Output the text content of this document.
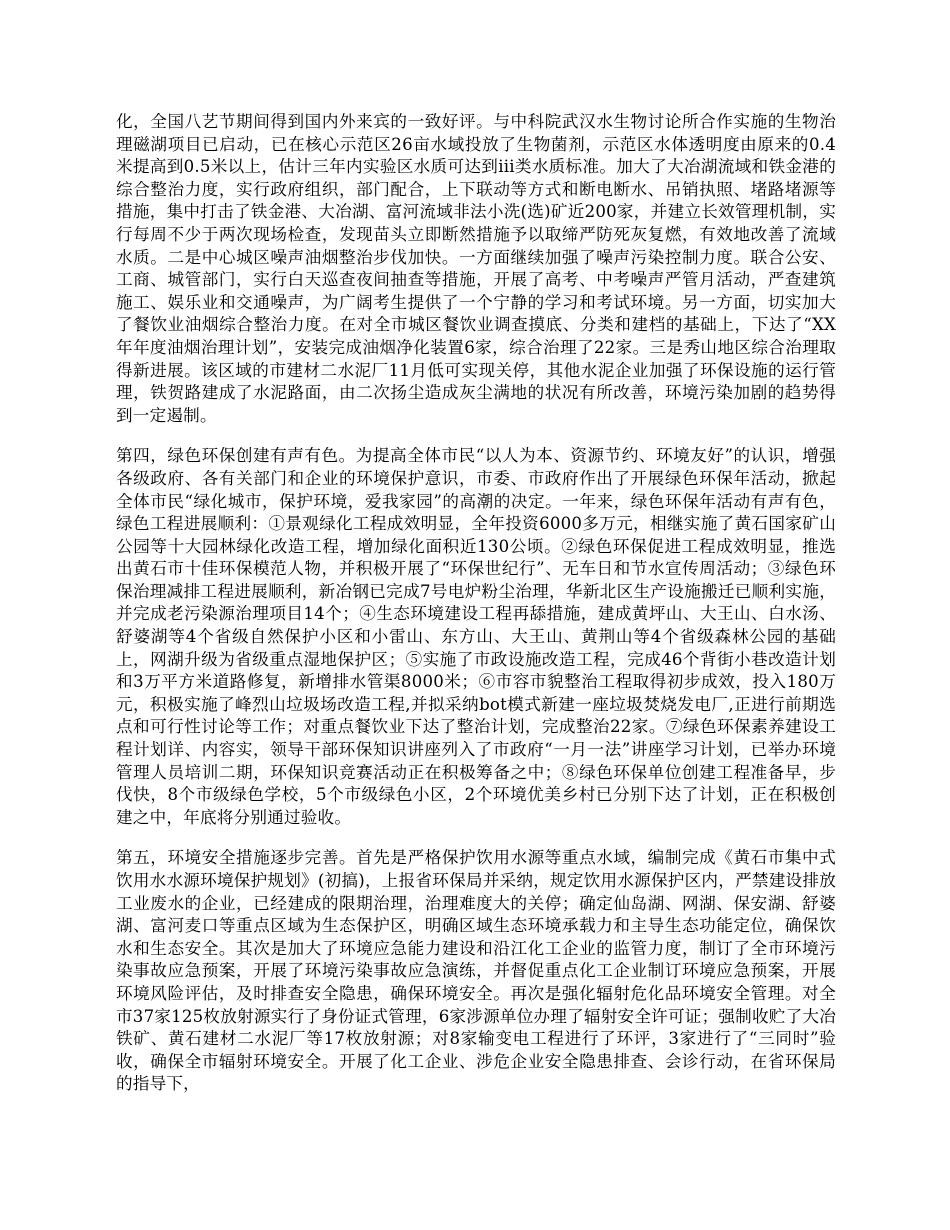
化，全国八艺节期间得到国内外来宾的一致好评。与中科院武汉水生物讨论所合作实施的生物治理磁湖项目已启动，已在核心示范区26亩水域投放了生物菌剂，示范区水体透明度由原来的0.4米提高到0.5米以上，估计三年内实验区水质可达到iii类水质标准。加大了大冶湖流域和铁金港的综合整治力度，实行政府组织，部门配合，上下联动等方式和断电断水、吊销执照、堵路堵源等措施，集中打击了铁金港、大冶湖、富河流域非法小洗(选)矿近200家，并建立长效管理机制，实行每周不少于两次现场检查，发现苗头立即断然措施予以取缔严防死灰复燃，有效地改善了流域水质。二是中心城区噪声油烟整治步伐加快。一方面继续加强了噪声污染控制力度。联合公安、工商、城管部门，实行白天巡查夜间抽查等措施，开展了高考、中考噪声严管月活动，严查建筑施工、娱乐业和交通噪声，为广阔考生提供了一个宁静的学习和考试环境。另一方面，切实加大了餐饮业油烟综合整治力度。在对全市城区餐饮业调查摸底、分类和建档的基础上，下达了“XX年年度油烟治理计划”，安装完成油烟净化装置6家，综合治理了22家。三是秀山地区综合治理取得新进展。该区域的市建材二水泥厂11月低可实现关停，其他水泥企业加强了环保设施的运行管理，铁贺路建成了水泥路面，由二次扬尘造成灰尘满地的状况有所改善，环境污染加剧的趋势得到一定遏制。

第四，绿色环保创建有声有色。为提高全体市民“以人为本、资源节约、环境友好”的认识，增强各级政府、各有关部门和企业的环境保护意识，市委、市政府作出了开展绿色环保年活动，掀起全体市民“绿化城市，保护环境，爱我家园”的高潮的决定。一年来，绿色环保年活动有声有色，绿色工程进展顺利：①景观绿化工程成效明显，全年投资6000多万元，相继实施了黄石国家矿山公园等十大园林绿化改造工程，增加绿化面积近130公顷。②绿色环保促进工程成效明显，推选出黄石市十佳环保模范人物，并积极开展了“环保世纪行”、无车日和节水宣传周活动；③绿色环保治理减排工程进展顺利，新冶钢已完成7号电炉粉尘治理，华新北区生产设施搬迁已顺利实施，并完成老污染源治理项目14个；④生态环境建设工程再舔措施，建成黄坪山、大王山、白水汤、舒婆湖等4个省级自然保护小区和小雷山、东方山、大王山、黄荆山等4个省级森林公园的基础上，网湖升级为省级重点湿地保护区；⑤实施了市政设施改造工程，完成46个背街小巷改造计划和3万平方米道路修复，新增排水管渠8000米；⑥市容市貌整治工程取得初步成效，投入180万元，积极实施了峰烈山垃圾场改造工程,并拟采纳bot模式新建一座垃圾焚烧发电厂,正进行前期选点和可行性讨论等工作；对重点餐饮业下达了整治计划，完成整治22家。⑦绿色环保素养建设工程计划详、内容实，领导干部环保知识讲座列入了市政府“一月一法”讲座学习计划，已举办环境管理人员培训二期，环保知识竞赛活动正在积极筹备之中；⑧绿色环保单位创建工程准备早，步伐快，8个市级绿色学校，5个市级绿色小区，2个环境优美乡村已分别下达了计划，正在积极创建之中，年底将分别通过验收。

第五，环境安全措施逐步完善。首先是严格保护饮用水源等重点水域，编制完成《黄石市集中式饮用水水源环境保护规划》(初搞)，上报省环保局并采纳，规定饮用水源保护区内，严禁建设排放工业废水的企业，已经建成的限期治理，治理难度大的关停；确定仙岛湖、网湖、保安湖、舒婆湖、富河麦口等重点区域为生态保护区，明确区域生态环境承载力和主导生态功能定位，确保饮水和生态安全。其次是加大了环境应急能力建设和沿江化工企业的监管力度，制订了全市环境污染事故应急预案，开展了环境污染事故应急演练，并督促重点化工企业制订环境应急预案，开展环境风险评估，及时排查安全隐患，确保环境安全。再次是强化辐射危化品环境安全管理。对全市37家125枚放射源实行了身份证式管理，6家涉源单位办理了辐射安全许可证；强制收贮了大冶铁矿、黄石建材二水泥厂等17枚放射源；对8家输变电工程进行了环评，3家进行了“三同时”验收，确保全市辐射环境安全。开展了化工企业、涉危企业安全隐患排查、会诊行动，在省环保局的指导下，
